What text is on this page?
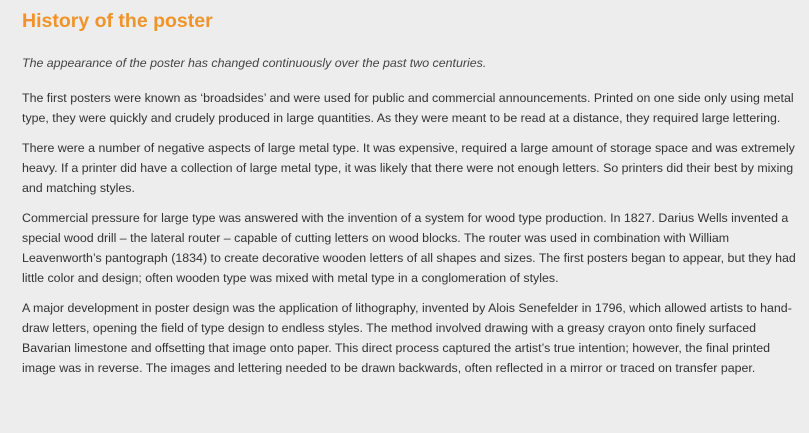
History of the poster

The appearance of the poster has changed continuously over the past two centuries.

The first posters were known as ‘broadsides’ and were used for public and commercial announcements. Printed on one side only using metal type, they were quickly and crudely produced in large quantities. As they were meant to be read at a distance, they required large lettering.

There were a number of negative aspects of large metal type. It was expensive, required a large amount of storage space and was extremely heavy. If a printer did have a collection of large metal type, it was likely that there were not enough letters. So printers did their best by mixing and matching styles.

Commercial pressure for large type was answered with the invention of a system for wood type production. In 1827. Darius Wells invented a special wood drill – the lateral router – capable of cutting letters on wood blocks. The router was used in combination with William Leavenworth’s pantograph (1834) to create decorative wooden letters of all shapes and sizes. The first posters began to appear, but they had little color and design; often wooden type was mixed with metal type in a conglomeration of styles.

A major development in poster design was the application of lithography, invented by Alois Senefelder in 1796, which allowed artists to hand-draw letters, opening the field of type design to endless styles. The method involved drawing with a greasy crayon onto finely surfaced Bavarian limestone and offsetting that image onto paper. This direct process captured the artist’s true intention; however, the final printed image was in reverse. The images and lettering needed to be drawn backwards, often reflected in a mirror or traced on transfer paper.
